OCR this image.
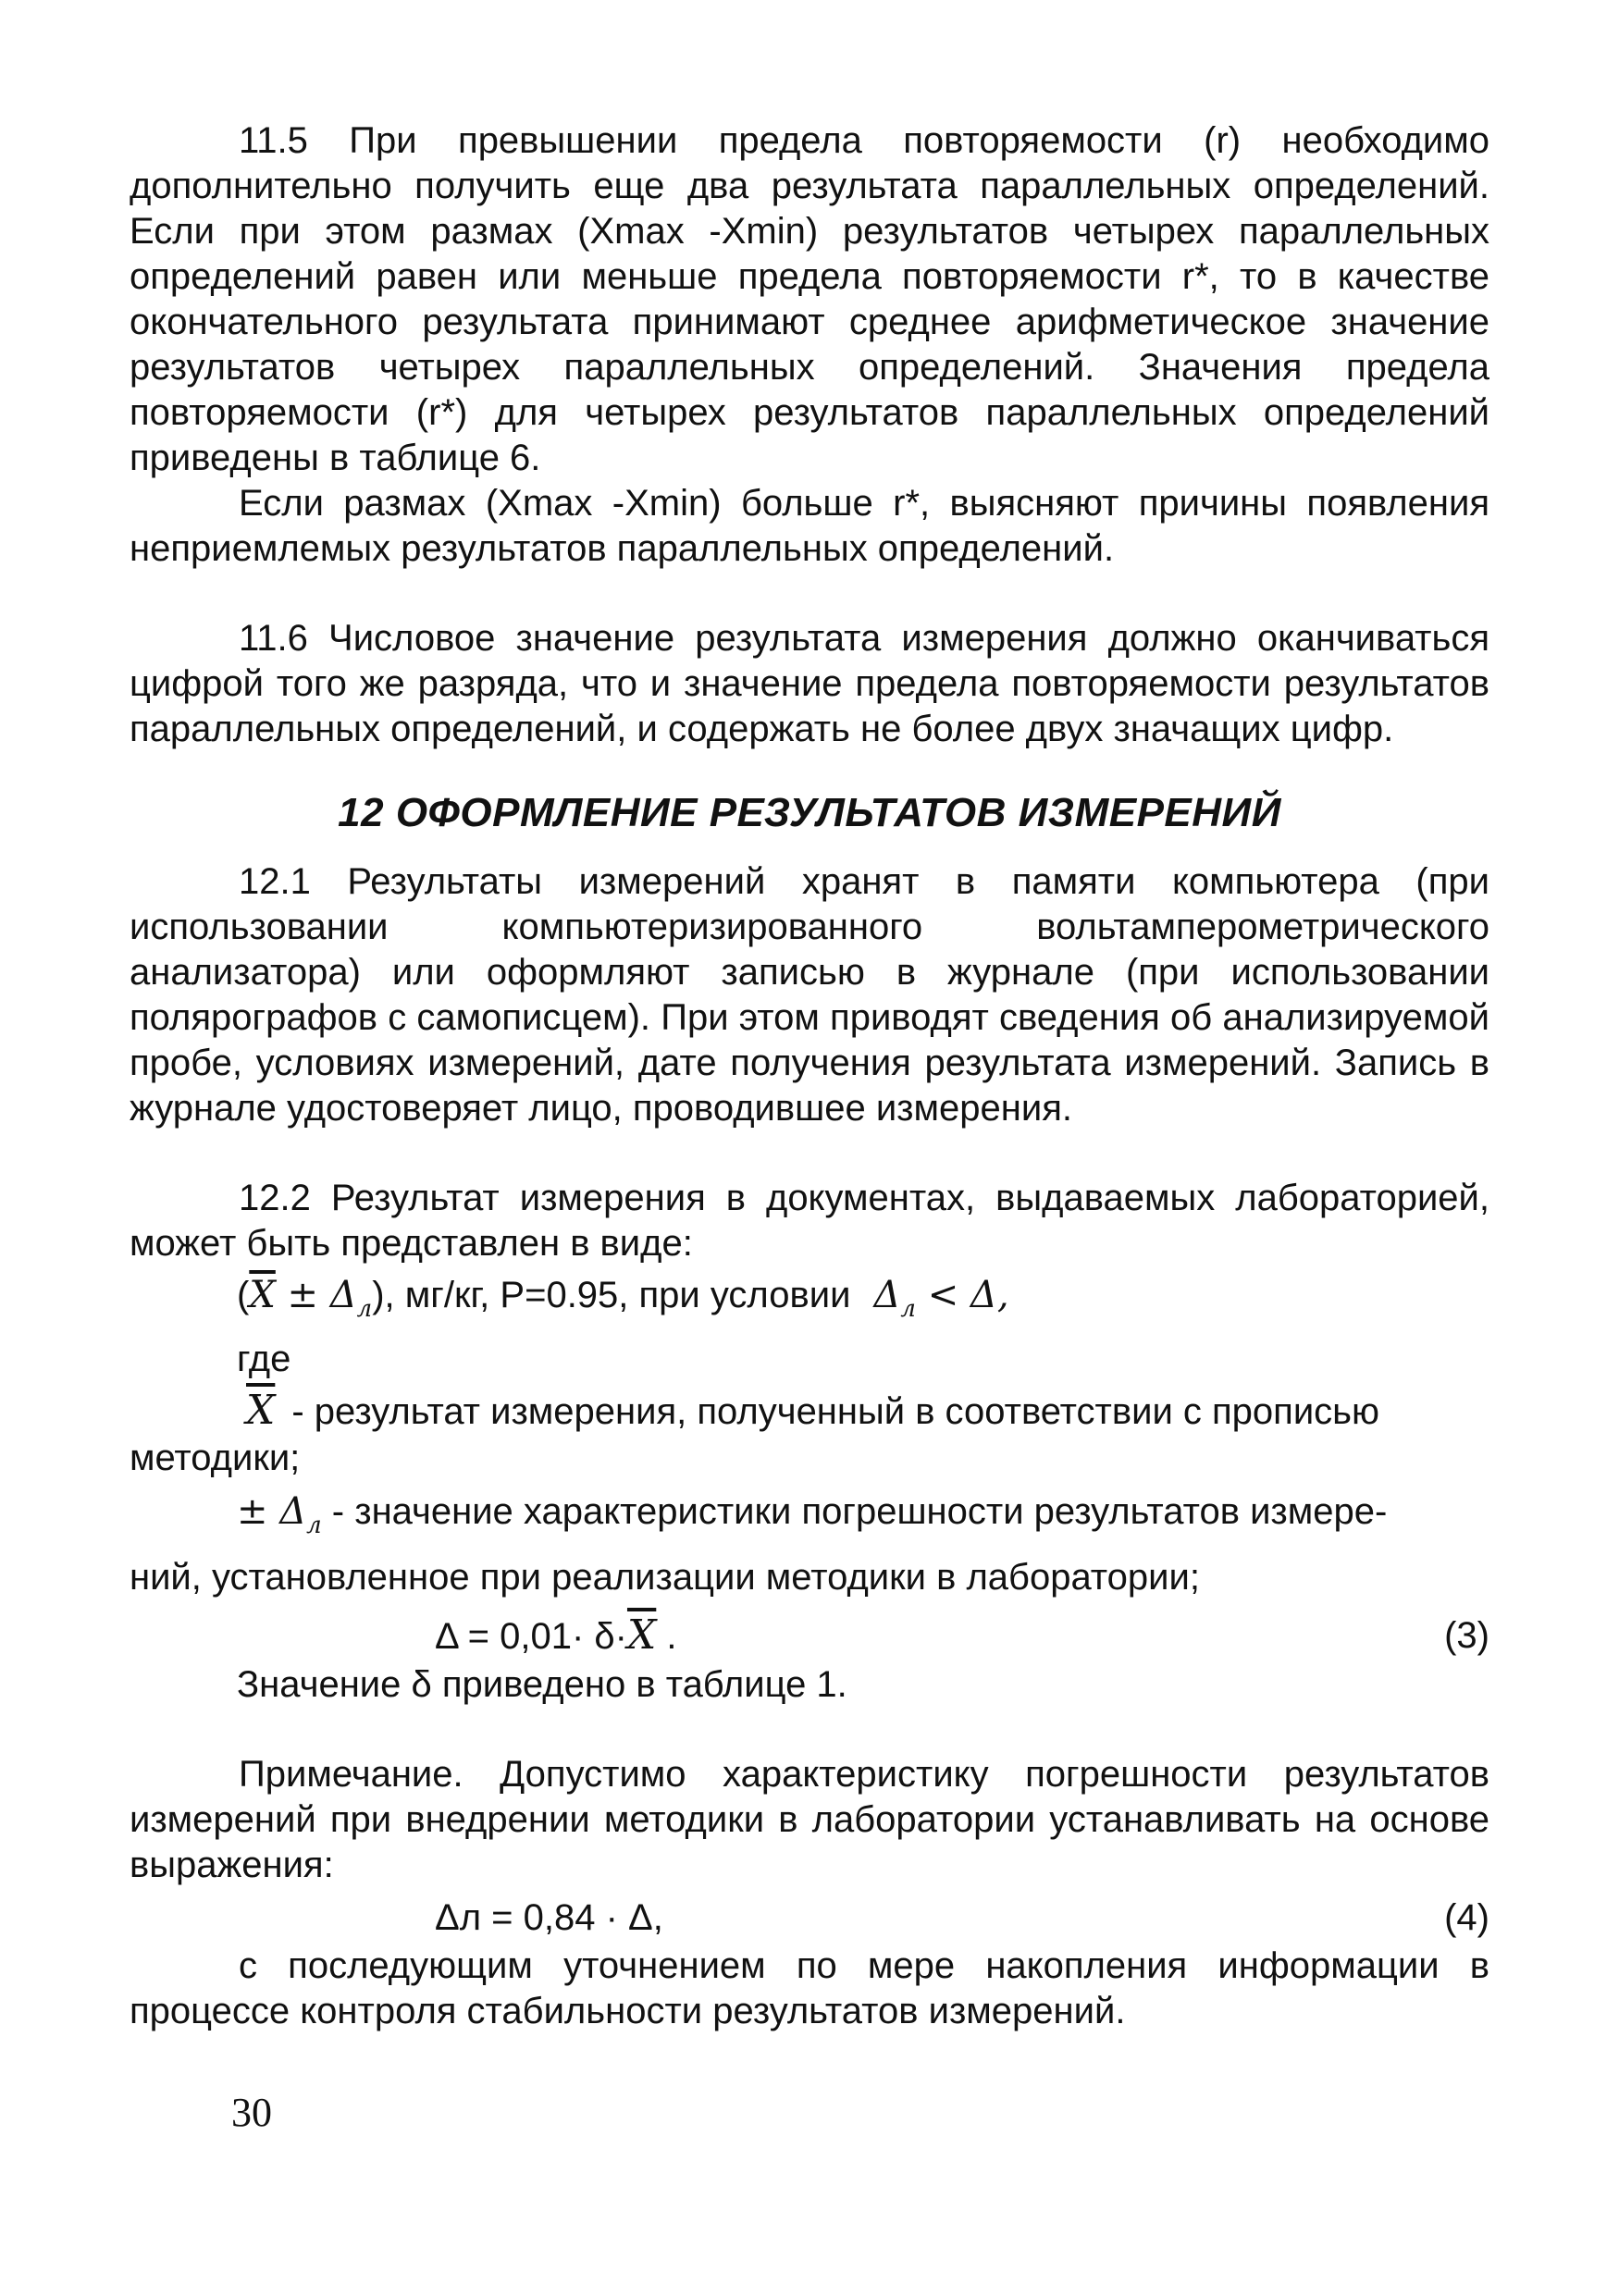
11.5 При превышении предела повторяемости (r) необходимо дополнительно получить еще два результата параллельных определений. Если при этом размах (Xmax -Xmin) результатов четырех параллельных определений равен или меньше предела повторяемости r*, то в качестве окончательного результата принимают среднее арифметическое значение результатов четырех параллельных определений. Значения предела повторяемости (r*) для четырех результатов параллельных определений приведены в таблице 6.

Если размах (Xmax -Xmin) больше r*, выясняют причины появления неприемлемых результатов параллельных определений.

11.6 Числовое значение результата измерения должно оканчиваться цифрой того же разряда, что и значение предела повторяемости результатов параллельных определений, и содержать не более двух значащих цифр.

12 ОФОРМЛЕНИЕ РЕЗУЛЬТАТОВ ИЗМЕРЕНИЙ

12.1 Результаты измерений хранят в памяти компьютера (при использовании компьютеризированного вольтамперометрического анализатора) или оформляют записью в журнале (при использовании полярографов с самописцем). При этом приводят сведения об анализируемой пробе, условиях измерений, дате получения результата измерений. Запись в журнале удостоверяет лицо, проводившее измерения.

12.2 Результат измерения в документах, выдаваемых лабораторией, может быть представлен в виде:

$(\overline{X} \pm \Delta_л)$, мг/кг, Р=0.95, при условии $\Delta_л < \Delta$,
где
$\overline{X}$ - результат измерения, полученный в соответствии с прописью
методики;
± $\Delta_л$ - значение характеристики погрешности результатов измере-
ний, установленное при реализации методики в лаборатории;
$\Delta = 0,01\cdot \delta\cdot\overline{X}$ .	(3)
Значение δ приведено в таблице 1.

Примечание. Допустимо характеристику погрешности результатов измерений при внедрении методики в лаборатории устанавливать на основе выражения:

Δл = 0,84 · Δ,	(4)

с последующим уточнением по мере накопления информации в процессе контроля стабильности результатов измерений.

30
